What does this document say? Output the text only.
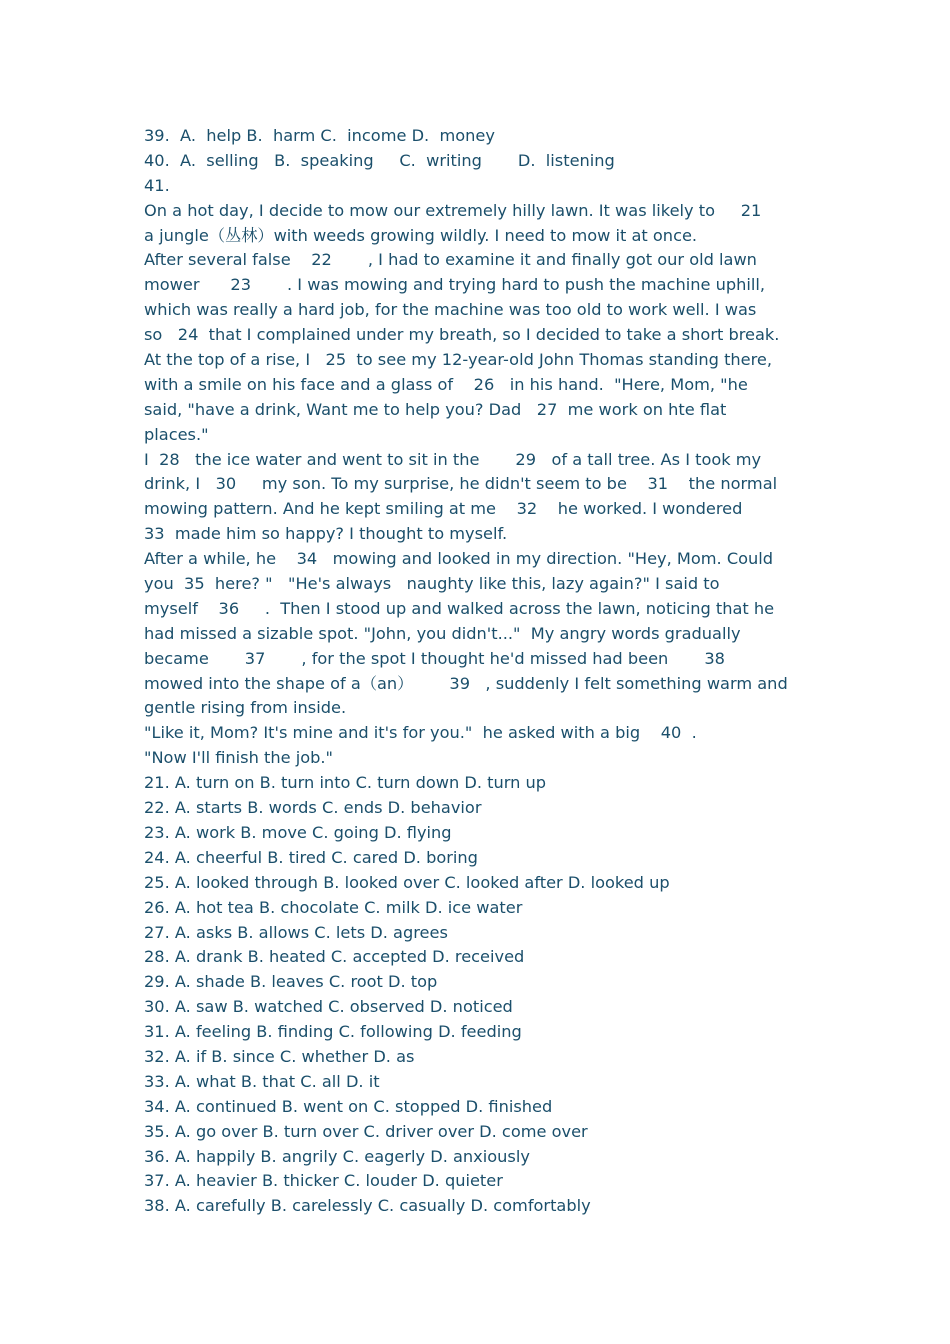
39.  A.  help B.  harm C.  income D.  money
40.  A.  selling   B.  speaking     C.  writing       D.  listening
41.
On a hot day, I decide to mow our extremely hilly lawn. It was likely to     21
a jungle（丛林）with weeds growing wildly. I need to mow it at once.
After several false    22       , I had to examine it and finally got our old lawn
mower      23       . I was mowing and trying hard to push the machine uphill,
which was really a hard job, for the machine was too old to work well. I was
so   24  that I complained under my breath, so I decided to take a short break.
At the top of a rise, I   25  to see my 12-year-old John Thomas standing there,
with a smile on his face and a glass of    26   in his hand.  "Here, Mom, "he
said, "have a drink, Want me to help you? Dad   27  me work on hte flat
places."
I  28   the ice water and went to sit in the       29   of a tall tree. As I took my
drink, I   30     my son. To my surprise, he didn't seem to be    31    the normal
mowing pattern. And he kept smiling at me    32    he worked. I wondered
33  made him so happy? I thought to myself.
After a while, he    34   mowing and looked in my direction. "Hey, Mom. Could
you  35  here? "   "He's always   naughty like this, lazy again?" I said to
myself    36     .  Then I stood up and walked across the lawn, noticing that he
had missed a sizable spot. "John, you didn't..."  My angry words gradually
became       37       , for the spot I thought he'd missed had been       38
mowed into the shape of a（an）       39   , suddenly I felt something warm and
gentle rising from inside.
"Like it, Mom? It's mine and it's for you."  he asked with a big    40  .
"Now I'll finish the job."
21. A. turn on B. turn into C. turn down D. turn up
22. A. starts B. words C. ends D. behavior
23. A. work B. move C. going D. flying
24. A. cheerful B. tired C. cared D. boring
25. A. looked through B. looked over C. looked after D. looked up
26. A. hot tea B. chocolate C. milk D. ice water
27. A. asks B. allows C. lets D. agrees
28. A. drank B. heated C. accepted D. received
29. A. shade B. leaves C. root D. top
30. A. saw B. watched C. observed D. noticed
31. A. feeling B. finding C. following D. feeding
32. A. if B. since C. whether D. as
33. A. what B. that C. all D. it
34. A. continued B. went on C. stopped D. finished
35. A. go over B. turn over C. driver over D. come over
36. A. happily B. angrily C. eagerly D. anxiously
37. A. heavier B. thicker C. louder D. quieter
38. A. carefully B. carelessly C. casually D. comfortably
